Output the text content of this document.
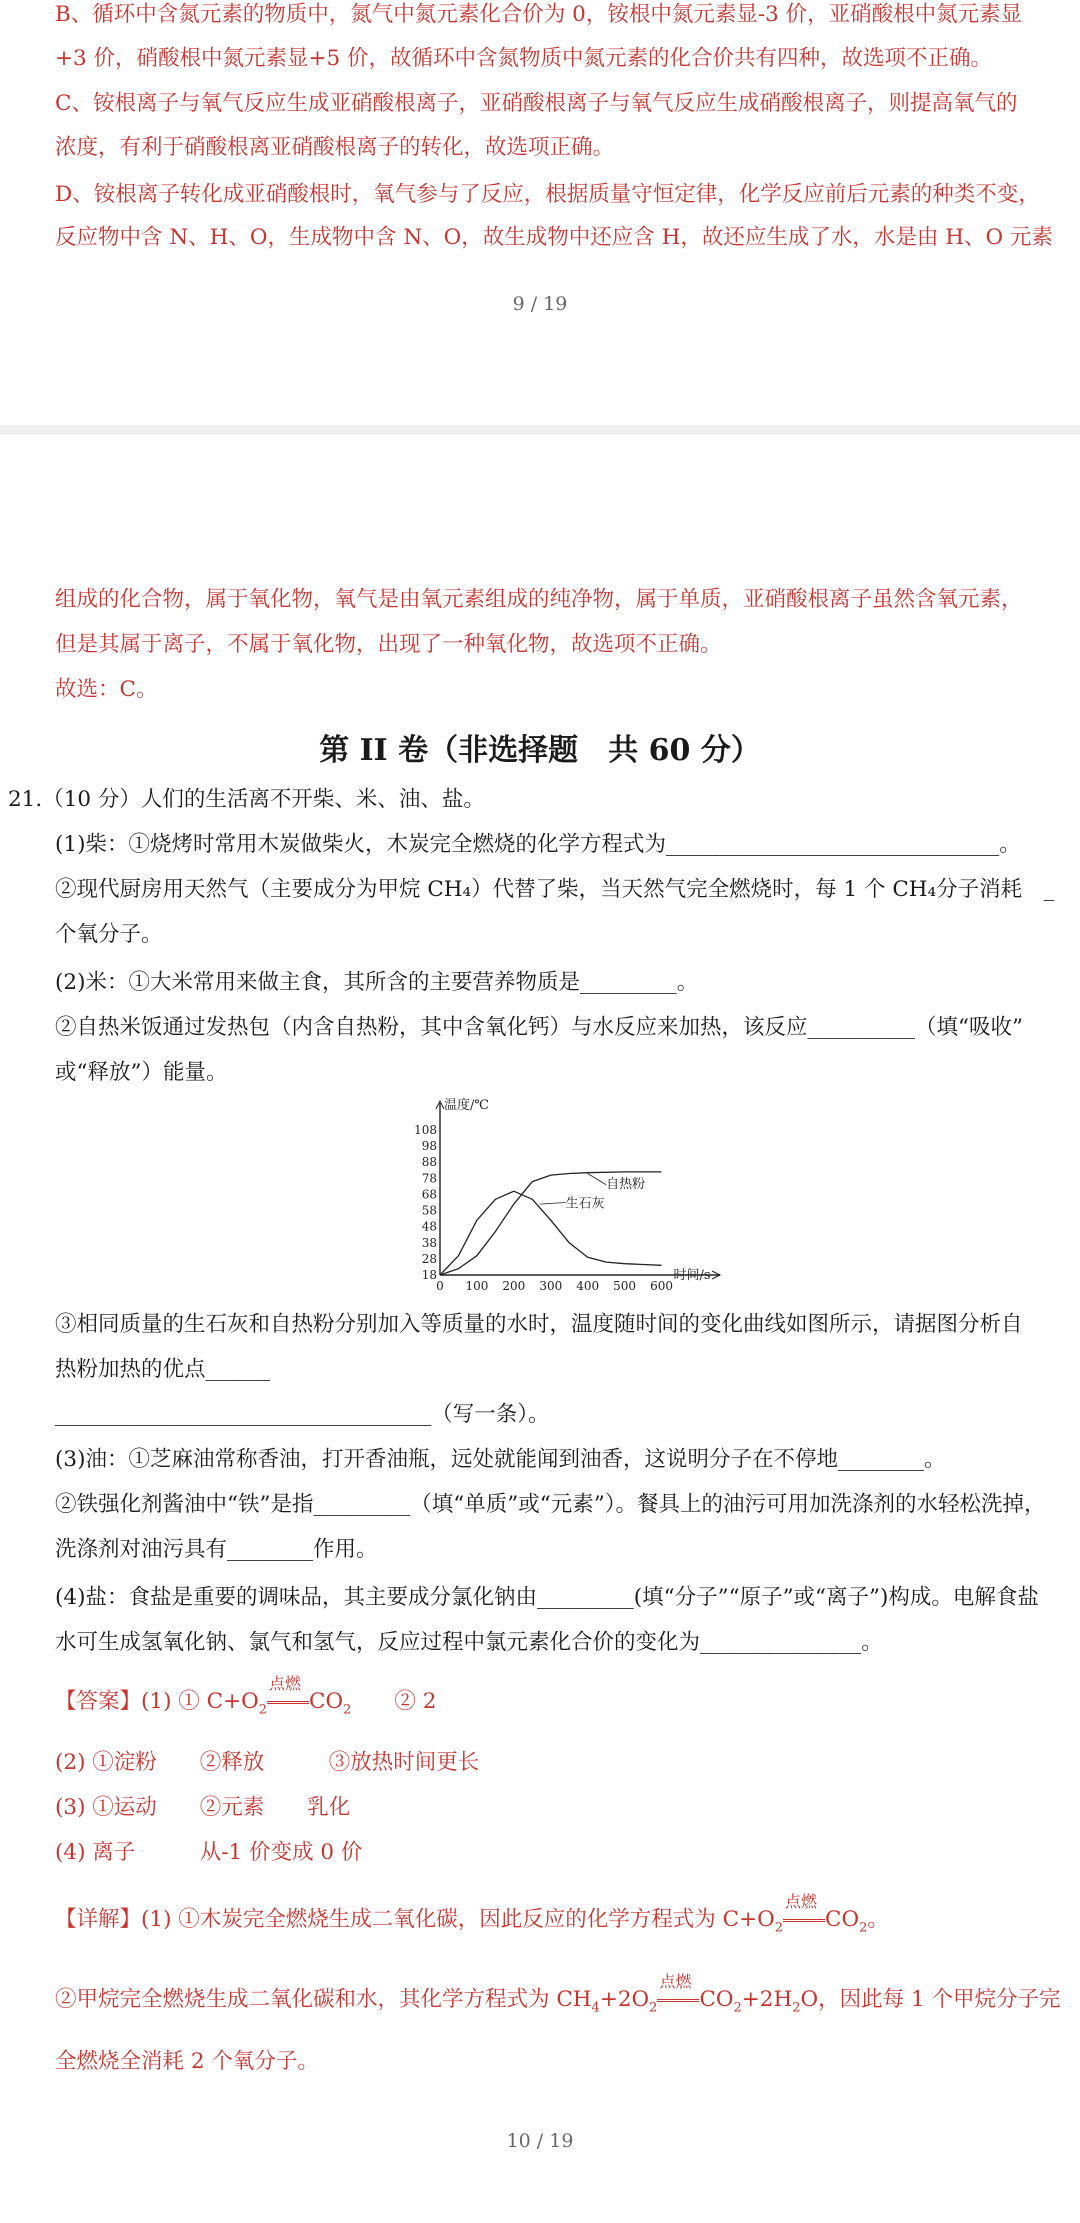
B、循环中含氮元素的物质中，氮气中氮元素化合价为 0，铵根中氮元素显-3 价，亚硝酸根中氮元素显
+3 价，硝酸根中氮元素显+5 价，故循环中含氮物质中氮元素的化合价共有四种，故选项不正确。
C、铵根离子与氧气反应生成亚硝酸根离子，亚硝酸根离子与氧气反应生成硝酸根离子，则提高氧气的
浓度，有利于硝酸根离亚硝酸根离子的转化，故选项正确。
D、铵根离子转化成亚硝酸根时，氧气参与了反应，根据质量守恒定律，化学反应前后元素的种类不变，
反应物中含 N、H、O，生成物中含 N、O，故生成物中还应含 H，故还应生成了水，水是由 H、O 元素
9 / 19
组成的化合物，属于氧化物，氧气是由氧元素组成的纯净物，属于单质，亚硝酸根离子虽然含氧元素，
但是其属于离子，不属于氧化物，出现了一种氧化物，故选项不正确。
故选：C。
第 II 卷（非选择题　共 60 分）
21.（10 分）人们的生活离不开柴、米、油、盐。
(1)柴：①烧烤时常用木炭做柴火，木炭完全燃烧的化学方程式为_______________________________。
②现代厨房用天然气（主要成分为甲烷 CH₄）代替了柴，当天然气完全燃烧时，每 1 个 CH₄分子消耗　_
个氧分子。
(2)米：①大米常用来做主食，其所含的主要营养物质是_________。
②自热米饭通过发热包（内含自热粉，其中含氧化钙）与水反应来加热，该反应__________（填“吸收”
或“释放”）能量。
温度/℃
时间/s
108
98
88
78
68
58
48
38
28
18
0 100 200 300 400 500 600
自热粉
生石灰
③相同质量的生石灰和自热粉分别加入等质量的水时，温度随时间的变化曲线如图所示，请据图分析自
热粉加热的优点______
___________________________________（写一条）。
(3)油：①芝麻油常称香油，打开香油瓶，远处就能闻到油香，这说明分子在不停地________。
②铁强化剂酱油中“铁”是指_________（填“单质”或“元素”）。餐具上的油污可用加洗涤剂的水轻松洗掉，
洗涤剂对油污具有________作用。
(4)盐：食盐是重要的调味品，其主要成分氯化钠由_________(填“分子”“原子”或“离子”)构成。电解食盐
水可生成氢氧化钠、氯气和氢气，反应过程中氯元素化合价的变化为_______________。
【答案】(1) ① $C+O_2$
点燃
$CO_2$　　② 2
(2) ①淀粉　　②释放　　　③放热时间更长
(3) ①运动　　②元素　　乳化
(4) 离子　　　从-1 价变成 0 价
【详解】(1) ①木炭完全燃烧生成二氧化碳，因此反应的化学方程式为 $C+O_2$
点燃
$CO_2$。
②甲烷完全燃烧生成二氧化碳和水，其化学方程式为 $CH_4+2O_2$
点燃
$CO_2+2H_2O$，因此每 1 个甲烷分子完
全燃烧全消耗 2 个氧分子。
10 / 19
